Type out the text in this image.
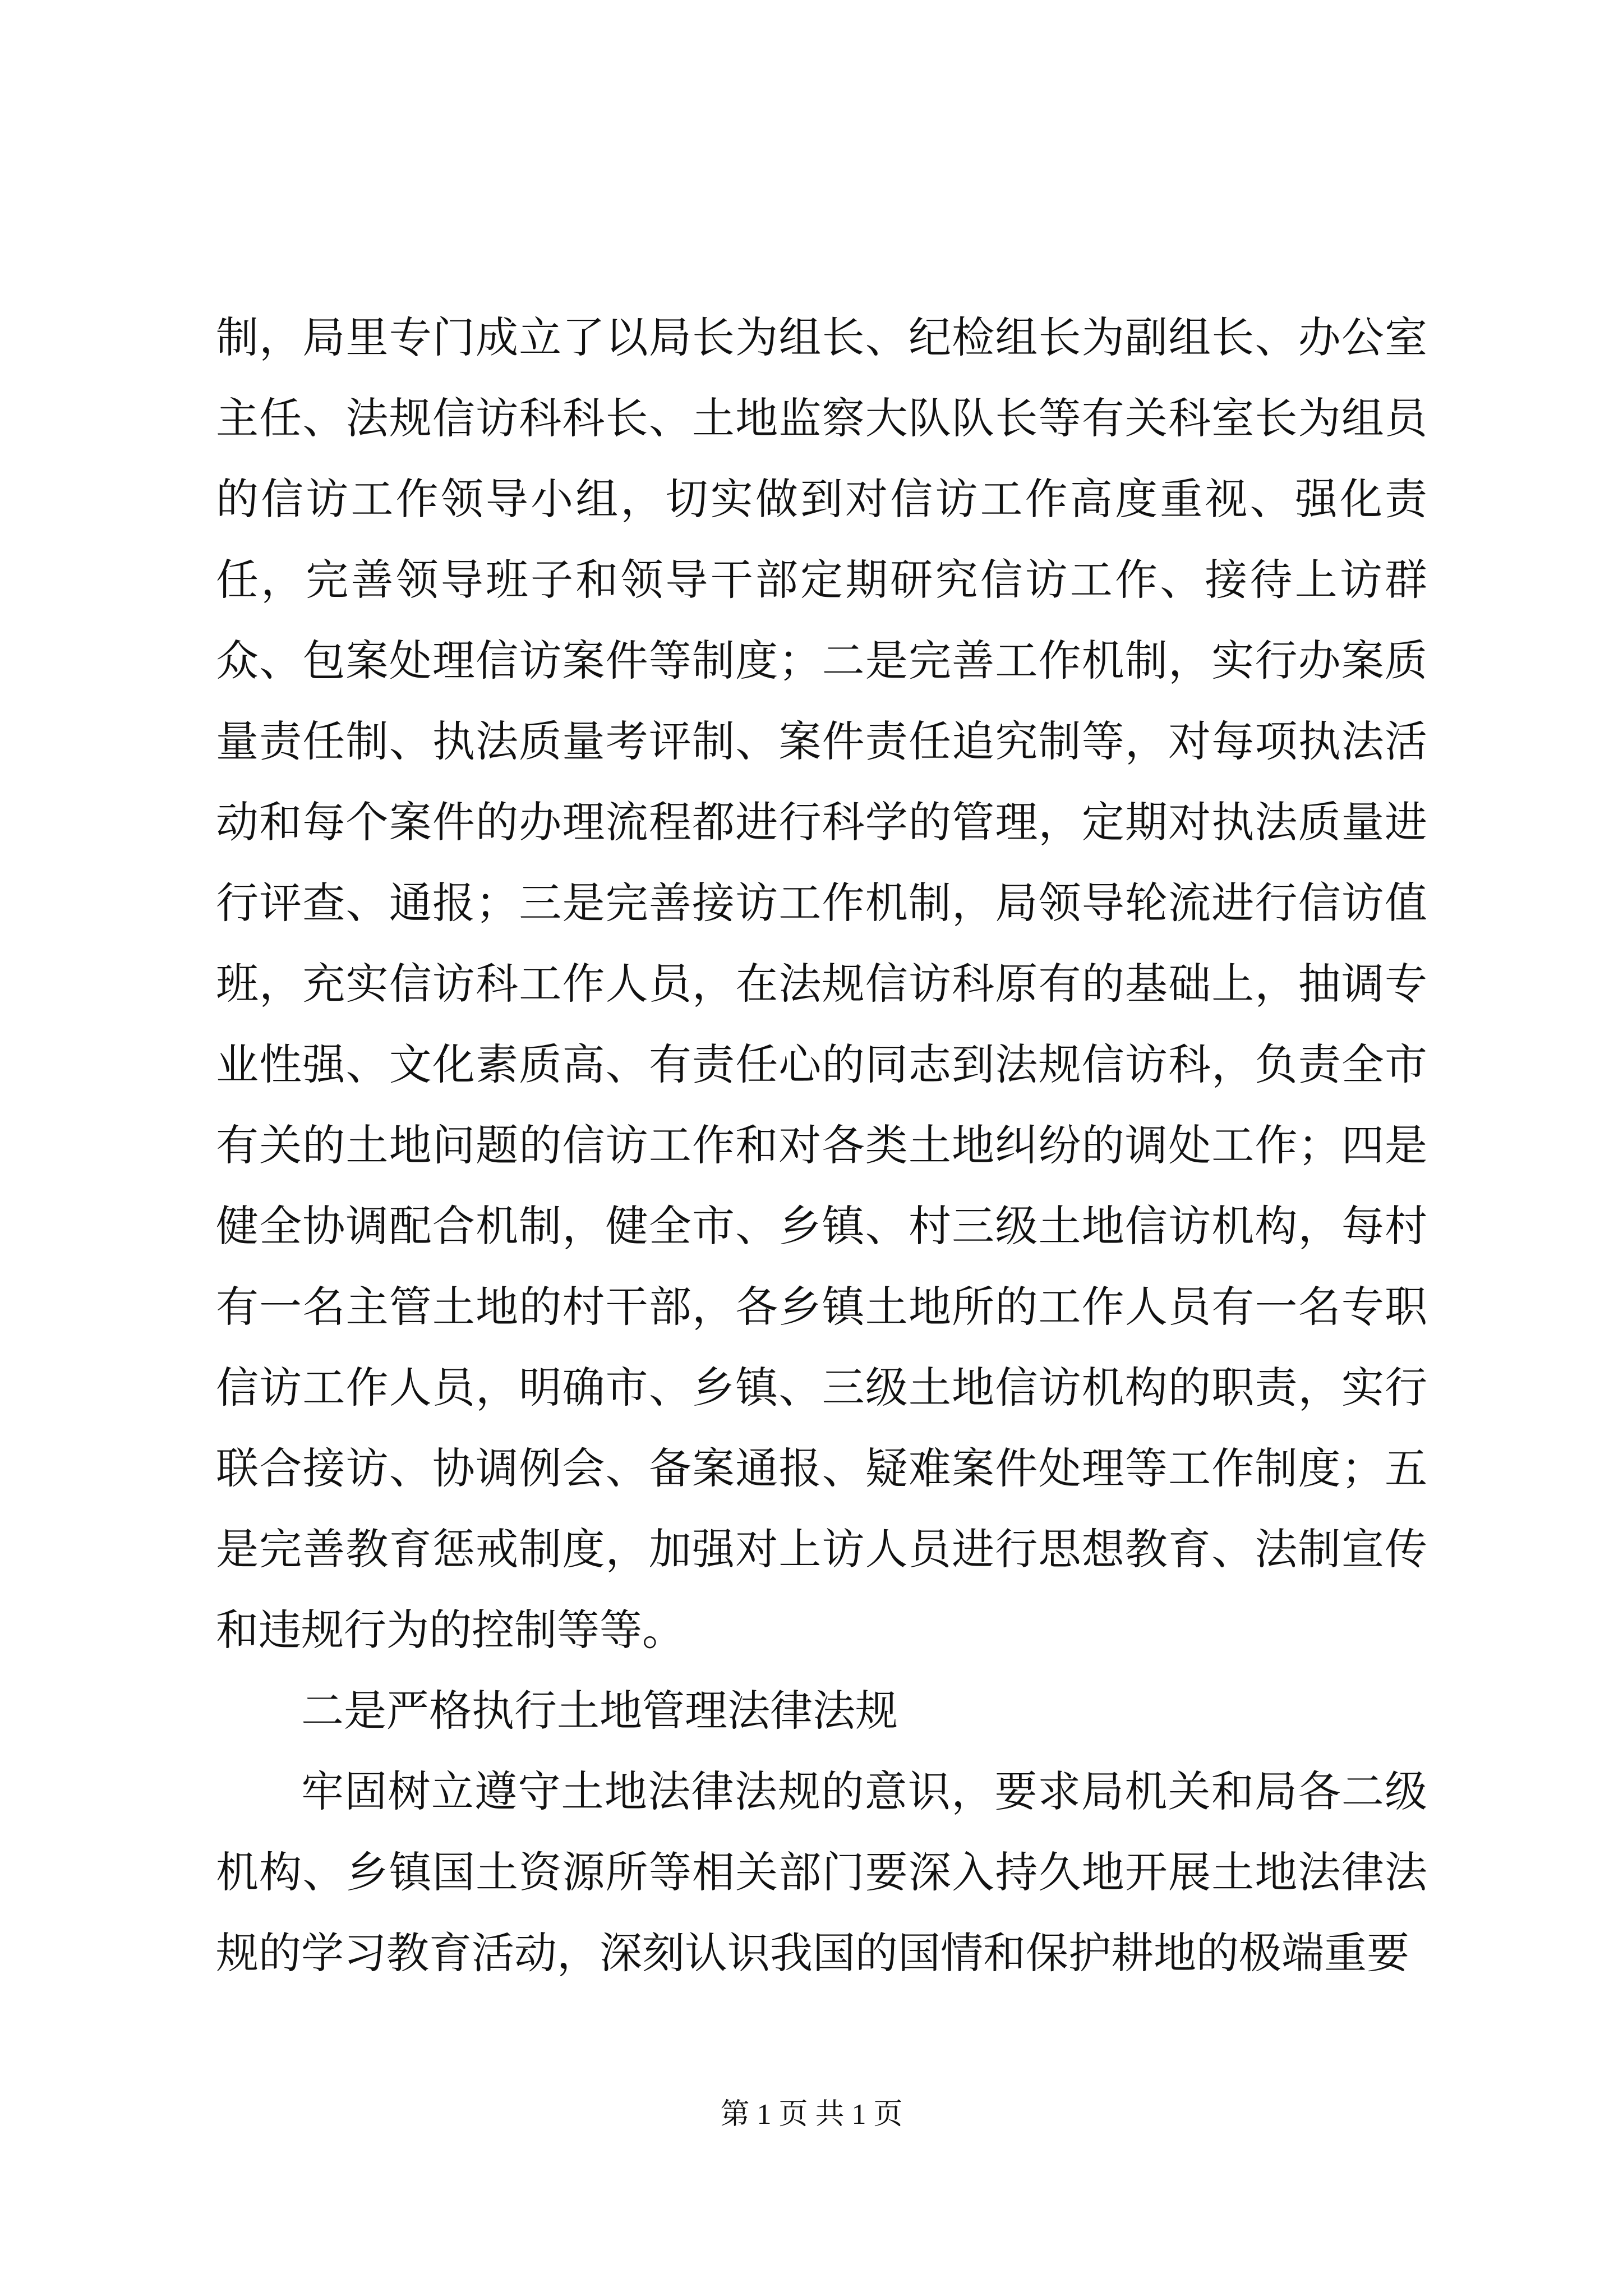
制，局里专门成立了以局长为组长、纪检组长为副组长、办公室主任、法规信访科科长、土地监察大队队长等有关科室长为组员的信访工作领导小组，切实做到对信访工作高度重视、强化责任，完善领导班子和领导干部定期研究信访工作、接待上访群众、包案处理信访案件等制度；二是完善工作机制，实行办案质量责任制、执法质量考评制、案件责任追究制等，对每项执法活动和每个案件的办理流程都进行科学的管理，定期对执法质量进行评查、通报；三是完善接访工作机制，局领导轮流进行信访值班，充实信访科工作人员，在法规信访科原有的基础上，抽调专业性强、文化素质高、有责任心的同志到法规信访科，负责全市有关的土地问题的信访工作和对各类土地纠纷的调处工作；四是健全协调配合机制，健全市、乡镇、村三级土地信访机构，每村有一名主管土地的村干部，各乡镇土地所的工作人员有一名专职信访工作人员，明确市、乡镇、三级土地信访机构的职责，实行联合接访、协调例会、备案通报、疑难案件处理等工作制度；五是完善教育惩戒制度，加强对上访人员进行思想教育、法制宣传和违规行为的控制等等。

二是严格执行土地管理法律法规

牢固树立遵守土地法律法规的意识，要求局机关和局各二级机构、乡镇国土资源所等相关部门要深入持久地开展土地法律法规的学习教育活动，深刻认识我国的国情和保护耕地的极端重要

第 1 页 共 1 页
